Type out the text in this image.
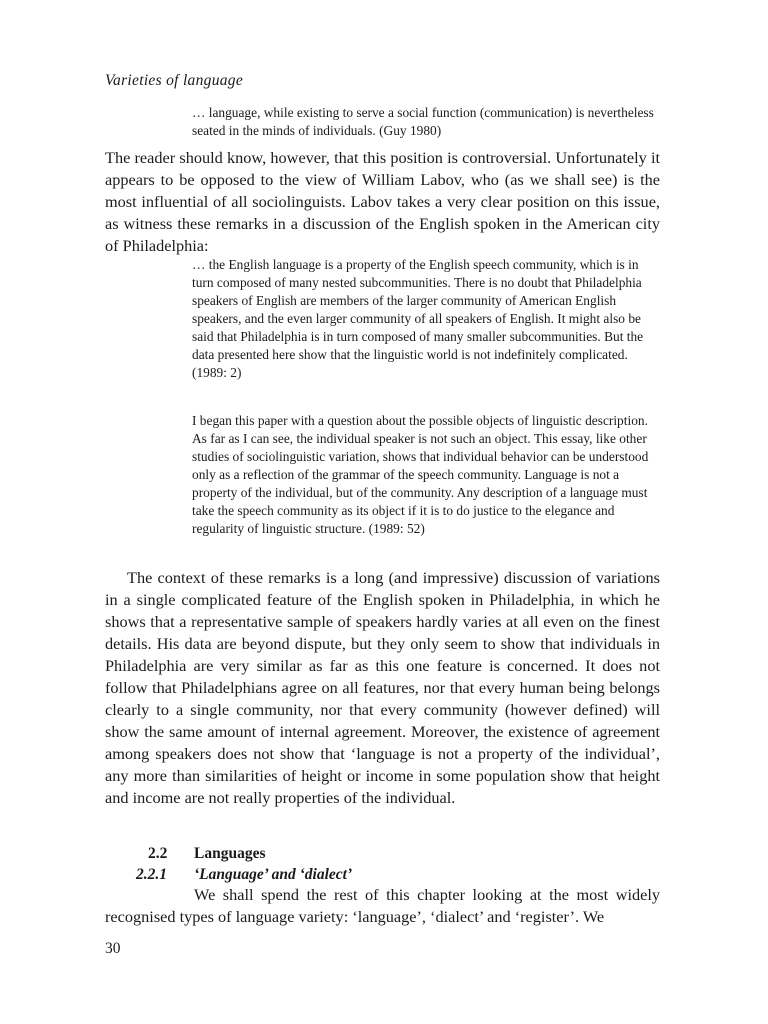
Varieties of language

… language, while existing to serve a social function (communication) is nevertheless seated in the minds of individuals. (Guy 1980)

The reader should know, however, that this position is controversial. Unfortunately it appears to be opposed to the view of William Labov, who (as we shall see) is the most influential of all sociolinguists. Labov takes a very clear position on this issue, as witness these remarks in a discussion of the English spoken in the American city of Philadelphia:

… the English language is a property of the English speech community, which is in turn composed of many nested subcommunities. There is no doubt that Philadelphia speakers of English are members of the larger community of American English speakers, and the even larger community of all speakers of English. It might also be said that Philadelphia is in turn composed of many smaller subcommunities. But the data presented here show that the linguistic world is not indefinitely complicated. (1989: 2)

I began this paper with a question about the possible objects of linguistic description. As far as I can see, the individual speaker is not such an object. This essay, like other studies of sociolinguistic variation, shows that individual behavior can be understood only as a reflection of the grammar of the speech community. Language is not a property of the individual, but of the community. Any description of a language must take the speech community as its object if it is to do justice to the elegance and regularity of linguistic structure. (1989: 52)

The context of these remarks is a long (and impressive) discussion of variations in a single complicated feature of the English spoken in Philadelphia, in which he shows that a representative sample of speakers hardly varies at all even on the finest details. His data are beyond dispute, but they only seem to show that individuals in Philadelphia are very similar as far as this one feature is concerned. It does not follow that Philadelphians agree on all features, nor that every human being belongs clearly to a single community, nor that every community (however defined) will show the same amount of internal agreement. Moreover, the existence of agreement among speakers does not show that ‘language is not a property of the individual’, any more than similarities of height or income in some population show that height and income are not really properties of the individual.

2.2 Languages
2.2.1 ‘Language’ and ‘dialect’

We shall spend the rest of this chapter looking at the most widely recognised types of language variety: ‘language’, ‘dialect’ and ‘register’. We

30
